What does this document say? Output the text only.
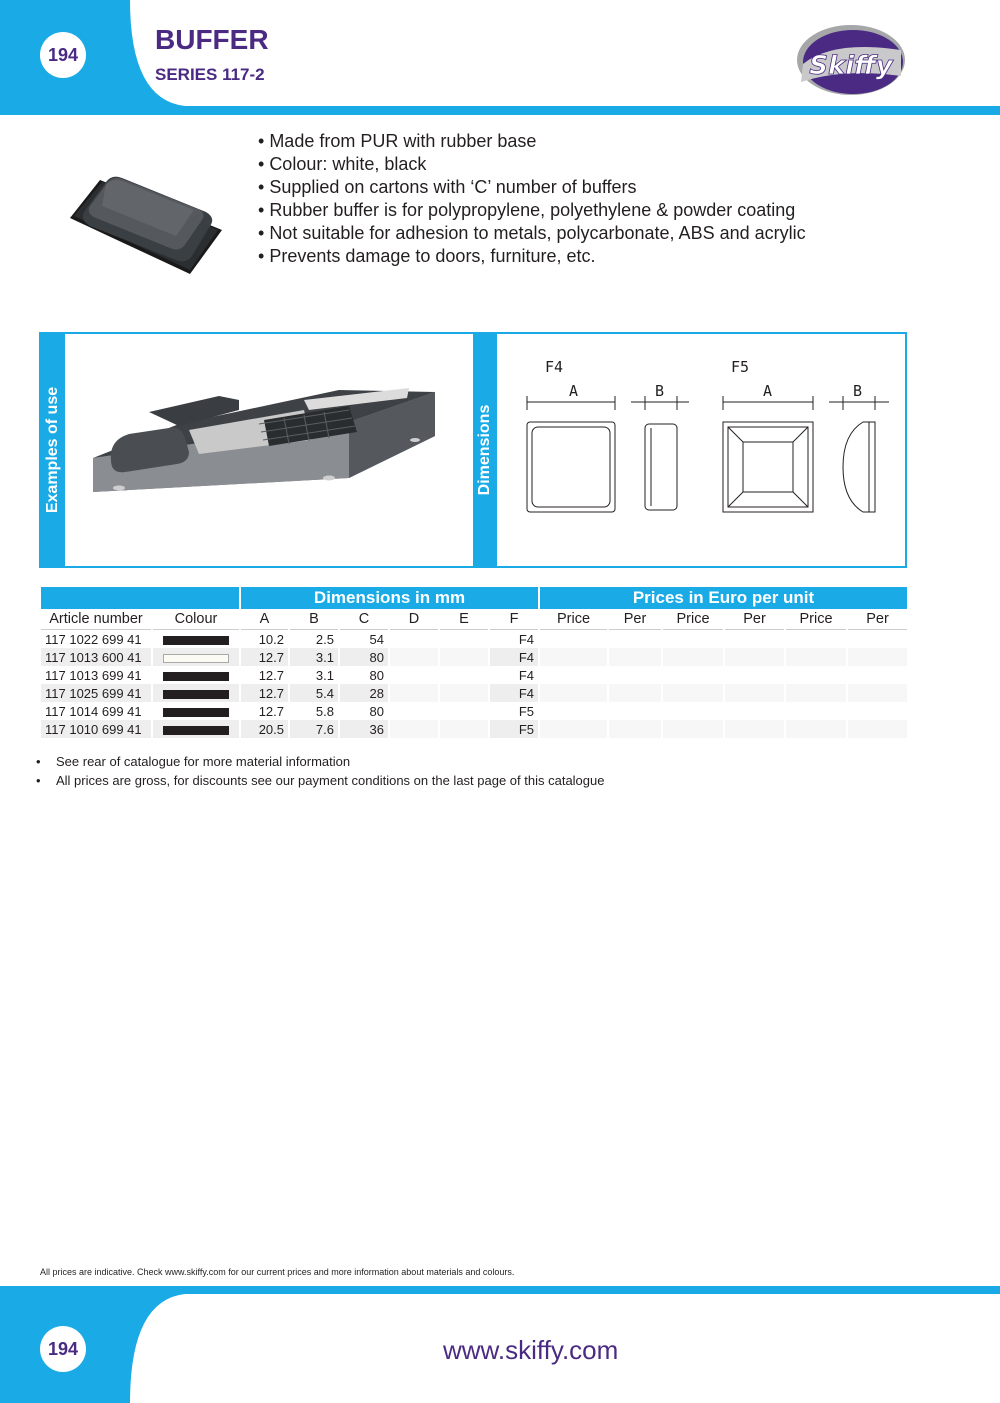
194	BUFFER
SERIES 117-2	Skiffy
• Made from PUR with rubber base
• Colour: white, black
• Supplied on cartons with ‘C’ number of buffers
• Rubber buffer is for polypropylene, polyethylene & powder coating
• Not suitable for adhesion to metals, polycarbonate, ABS and acrylic
• Prevents damage to doors, furniture, etc.
Examples of use	Dimensions
F4	F5
A	B	A	B
		Dimensions in mm						Prices in Euro per unit					
Article number	Colour	A	B	C	D	E	F	Price	Per	Price	Per	Price	Per
117 1022 699 41		10.2	2.5	54			F4						
117 1013 600 41		12.7	3.1	80			F4						
117 1013 699 41		12.7	3.1	80			F4						
117 1025 699 41		12.7	5.4	28			F4						
117 1014 699 41		12.7	5.8	80			F5						
117 1010 699 41		20.5	7.6	36			F5						
• See rear of catalogue for more material information
• All prices are gross, for discounts see our payment conditions on the last page of this catalogue
All prices are indicative. Check www.skiffy.com for our current prices and more information about materials and colours.
194	www.skiffy.com
